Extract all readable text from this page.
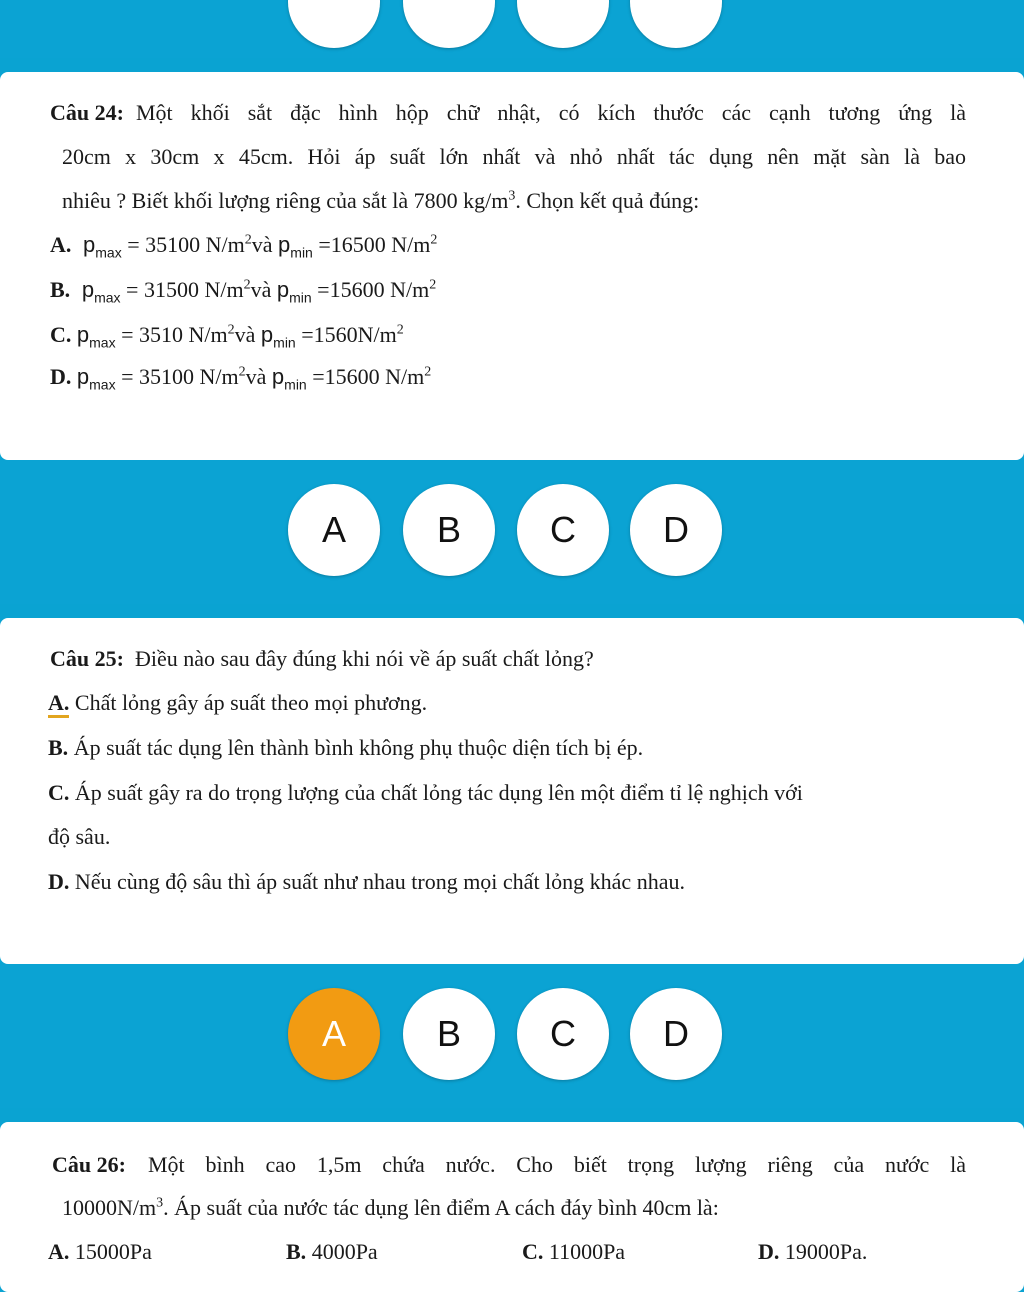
Câu 24: Một khối sắt đặc hình hộp chữ nhật, có kích thước các cạnh tương ứng là
20cm x 30cm x 45cm. Hỏi áp suất lớn nhất và nhỏ nhất tác dụng nên mặt sàn là bao
nhiêu ? Biết khối lượng riêng của sắt là 7800 $kg/m^3$. Chọn kết quả đúng:
A. $p_{max} = 35100$ $N/m^2và$ $p_{min} =16500$ $N/m^2$
B. $p_{max} = 31500$ $N/m^2và$ $p_{min} =15600$ $N/m^2$
C. $p_{max} = 3510$ $N/m^2và$ $p_{min} =1560N/m^2$
D. $p_{max} = 35100$ $N/m^2và$ $p_{min} =15600$ $N/m^2$
A	B	C	D
Câu 25: Điều nào sau đây đúng khi nói về áp suất chất lỏng?
A. Chất lỏng gây áp suất theo mọi phương.
B. Áp suất tác dụng lên thành bình không phụ thuộc diện tích bị ép.
C. Áp suất gây ra do trọng lượng của chất lỏng tác dụng lên một điểm tỉ lệ nghịch với
độ sâu.
D. Nếu cùng độ sâu thì áp suất như nhau trong mọi chất lỏng khác nhau.
A	B	C	D
Câu 26: Một bình cao 1,5m chứa nước. Cho biết trọng lượng riêng của nước là
$10000N/m^3$. Áp suất của nước tác dụng lên điểm A cách đáy bình 40cm là:
A. 15000Pa	B. 4000Pa	C. 11000Pa	D. 19000Pa.
